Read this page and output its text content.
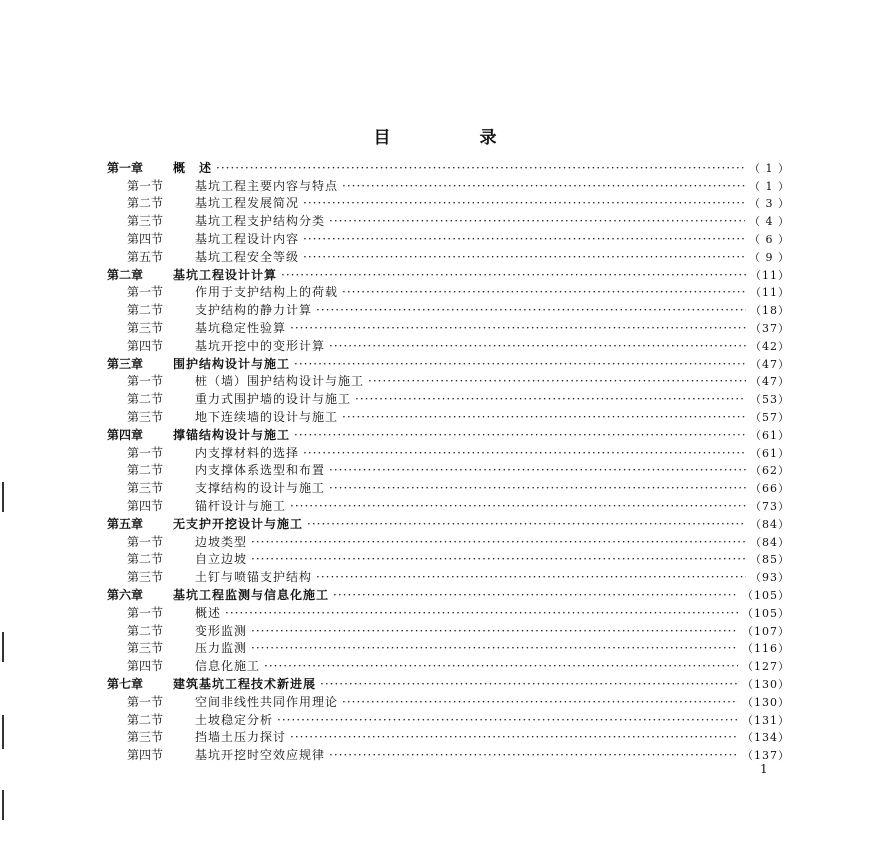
目　录
第一章	概　述 ·····	（ 1 ）
第一节	基坑工程主要内容与特点 ·····	（ 1 ）
第二节	基坑工程发展简况 ·····	（ 3 ）
第三节	基坑工程支护结构分类 ·····	（ 4 ）
第四节	基坑工程设计内容 ·····	（ 6 ）
第五节	基坑工程安全等级 ·····	（ 9 ）
第二章	基坑工程设计计算 ·····	（11）
第一节	作用于支护结构上的荷载 ·····	（11）
第二节	支护结构的静力计算 ·····	（18）
第三节	基坑稳定性验算 ·····	（37）
第四节	基坑开挖中的变形计算 ·····	（42）
第三章	围护结构设计与施工 ·····	（47）
第一节	桩（墙）围护结构设计与施工 ·····	（47）
第二节	重力式围护墙的设计与施工 ·····	（53）
第三节	地下连续墙的设计与施工 ·····	（57）
第四章	撑锚结构设计与施工 ·····	（61）
第一节	内支撑材料的选择 ·····	（61）
第二节	内支撑体系选型和布置 ·····	（62）
第三节	支撑结构的设计与施工 ·····	（66）
第四节	锚杆设计与施工 ·····	（73）
第五章	无支护开挖设计与施工 ·····	（84）
第一节	边坡类型 ·····	（84）
第二节	自立边坡 ·····	（85）
第三节	土钉与喷锚支护结构 ·····	（93）
第六章	基坑工程监测与信息化施工 ·····	（105）
第一节	概述 ·····	（105）
第二节	变形监测 ·····	（107）
第三节	压力监测 ·····	（116）
第四节	信息化施工 ·····	（127）
第七章	建筑基坑工程技术新进展 ·····	（130）
第一节	空间非线性共同作用理论 ·····	（130）
第二节	土坡稳定分析 ·····	（131）
第三节	挡墙土压力探讨 ·····	（134）
第四节	基坑开挖时空效应规律 ·····	（137）
1
